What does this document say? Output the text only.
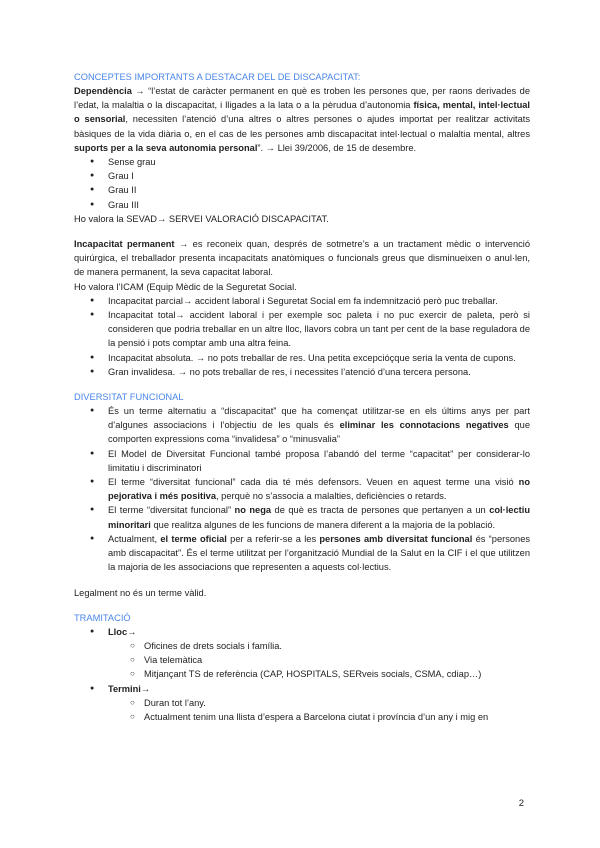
CONCEPTES IMPORTANTS A DESTACAR DEL DE DISCAPACITAT:

Dependència → “l’estat de caràcter permanent en què es troben les persones que, per raons derivades de l’edat, la malaltia o la discapacitat, i lligades a la lata o a la pèrudua d’autonomia física, mental, intel·lectual o sensorial, necessiten l’atenció d’una altres o altres persones o ajudes importat per realitzar activitats bàsiques de la vida diària o, en el cas de les persones amb discapacitat intel·lectual o malaltia mental, altres suports per a la seva autonomia personal”. → Llei 39/2006, de 15 de desembre.

● Sense grau
● Grau I
● Grau II
● Grau III

Ho valora la SEVAD→ SERVEI VALORACIÓ DISCAPACITAT.

Incapacitat permanent → es reconeix quan, després de sotmetre’s a un tractament mèdic o intervenció quirúrgica, el treballador presenta incapacitats anatòmiques o funcionals greus que disminueixen o anul·len, de manera permanent, la seva capacitat laboral.

Ho valora l’ICAM (Equip Mèdic de la Seguretat Social.

● Incapacitat parcial→ accident laboral i Seguretat Social em fa indemnització però puc treballar.
● Incapacitat total→ accident laboral i per exemple soc paleta i no puc exercir de paleta, però si consideren que podria treballar en un altre lloc, llavors cobra un tant per cent de la base reguladora de la pensió i pots comptar amb una altra feina.
● Incapacitat absoluta. → no pots treballar de res. Una petita excepcióçque seria la venta de cupons.
● Gran invalidesa. → no pots treballar de res, i necessites l’atenció d’una tercera persona.
DIVERSITAT FUNCIONAL
● És un terme alternatiu a “discapacitat” que ha començat utilitzar-se en els últims anys per part d’algunes associacions i l’objectiu de les quals és eliminar les connotacions negatives que comporten expressions coma “invalidesa” o “minusvalia”
● El Model de Diversitat Funcional també proposa l’abandó del terme “capacitat” per considerar-lo limitatiu i discriminatori
● El terme “diversitat funcional” cada dia té més defensors. Veuen en aquest terme una visió no pejorativa i més positiva, perquè no s’associa a malalties, deficiències o retards.
● El terme “diversitat funcional” no nega de què es tracta de persones que pertanyen a un col·lectiu minoritari que realitza algunes de les funcions de manera diferent a la majoria de la població.
● Actualment, el terme oficial per a referir-se a les persones amb diversitat funcional és “persones amb discapacitat”. És el terme utilitzat per l’organització Mundial de la Salut en la CIF i el que utilitzen la majoria de les associacions que representen a aquests col·lectius.

Legalment no és un terme vàlid.

TRAMITACIÓ
● Lloc→
○ Oficines de drets socials i família.
○ Via telemàtica
○ Mitjançant TS de referència (CAP, HOSPITALS, SERveis socials, CSMA, cdiap…)
● Termini→
○ Duran tot l’any.
○ Actualment tenim una llista d’espera a Barcelona ciutat i província d’un any i mig en
2
